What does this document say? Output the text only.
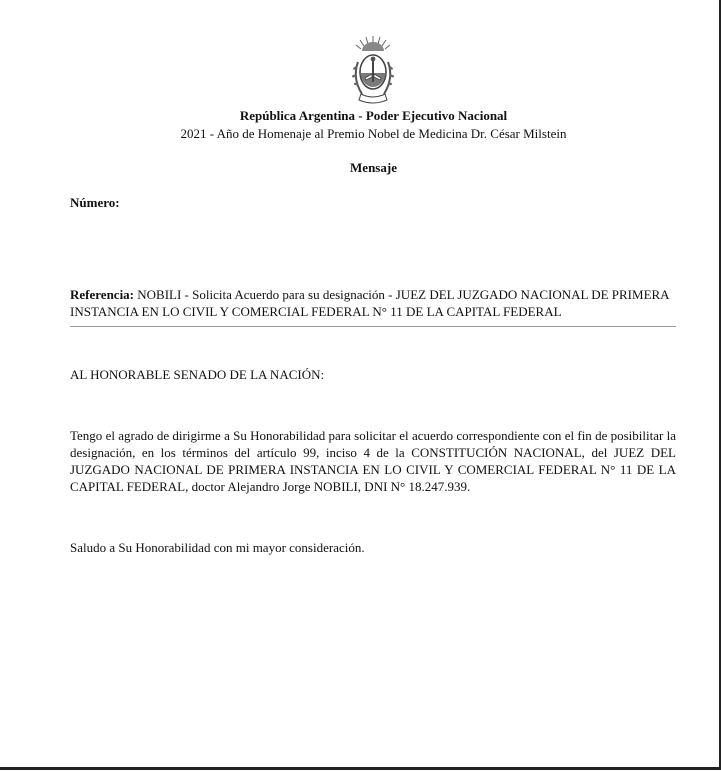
República Argentina - Poder Ejecutivo Nacional
2021 - Año de Homenaje al Premio Nobel de Medicina Dr. César Milstein
Mensaje
Número:
Referencia: NOBILI - Solicita Acuerdo para su designación - JUEZ DEL JUZGADO NACIONAL DE PRIMERA INSTANCIA EN LO CIVIL Y COMERCIAL FEDERAL N° 11 DE LA CAPITAL FEDERAL
AL HONORABLE SENADO DE LA NACIÓN:
Tengo el agrado de dirigirme a Su Honorabilidad para solicitar el acuerdo correspondiente con el fin de posibilitar la designación, en los términos del artículo 99, inciso 4 de la CONSTITUCIÓN NACIONAL, del JUEZ DEL JUZGADO NACIONAL DE PRIMERA INSTANCIA EN LO CIVIL Y COMERCIAL FEDERAL N° 11 DE LA CAPITAL FEDERAL, doctor Alejandro Jorge NOBILI, DNI N° 18.247.939.
Saludo a Su Honorabilidad con mi mayor consideración.
